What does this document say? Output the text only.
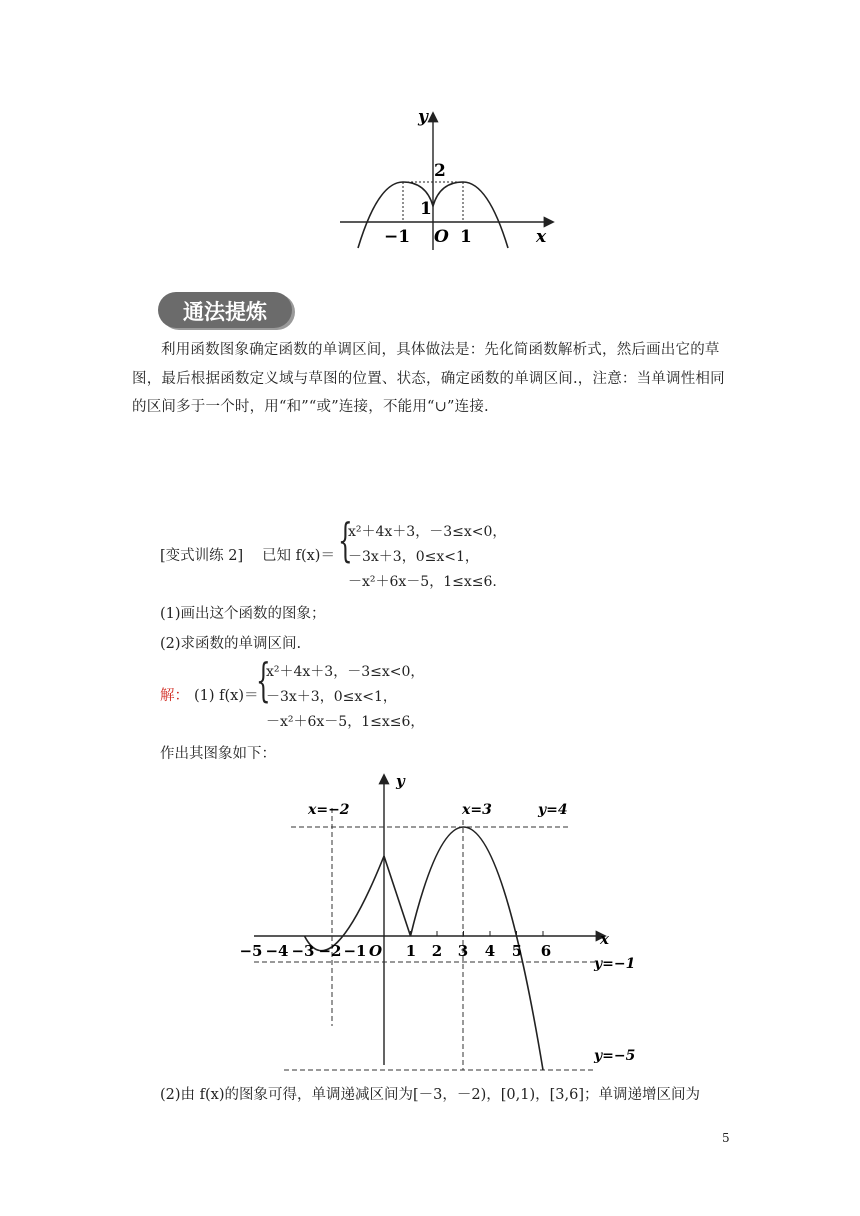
y
x
2
1
−1 O 1
通法提炼
利用函数图象确定函数的单调区间，具体做法是：先化简函数解析式，然后画出它的草图，最后根据函数定义域与草图的位置、状态，确定函数的单调区间.，注意：当单调性相同的区间多于一个时，用“和”“或”连接，不能用“∪”连接.
[变式训练 2] 已知 f(x)＝ {
x²＋4x＋3，－3≤x<0，
－3x＋3，0≤x<1，
－x²＋6x－5，1≤x≤6.
(1)画出这个函数的图象；
(2)求函数的单调区间.
解： (1) f(x)＝
{
x²＋4x＋3，－3≤x<0，
－3x＋3，0≤x<1，
－x²＋6x－5，1≤x≤6，
作出其图象如下：
y
x
O
−5 −4 −3 −2 −1	1 2 3 4 5 6
x=−2	x=3	y=4
y=−1
y=−5
(2)由 f(x)的图象可得，单调递减区间为[－3，－2)，[0,1)，[3,6]；单调递增区间为
5
